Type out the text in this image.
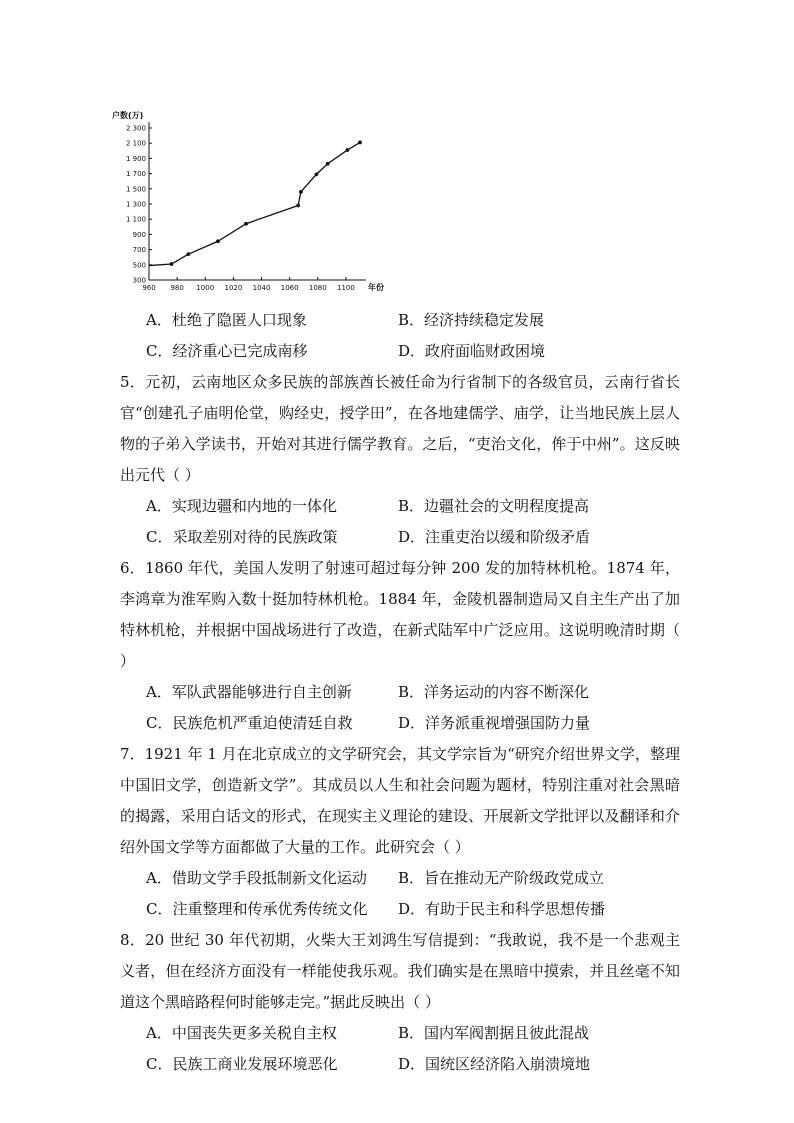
户数(万)
300
500
700
900
1 100
1 300
1 500
1 700
1 900
2 100
2 300
960 980 1000 1020 1040 1060 1080 1100 年份
A．杜绝了隐匿人口现象	B．经济持续稳定发展
C．经济重心已完成南移	D．政府面临财政困境
5．元初，云南地区众多民族的部族酋长被任命为行省制下的各级官员，云南行省长官“创建孔子庙明伦堂，购经史，授学田”，在各地建儒学、庙学，让当地民族上层人物的子弟入学读书，开始对其进行儒学教育。之后，“吏治文化，侔于中州”。这反映出元代（ ）
A．实现边疆和内地的一体化	B．边疆社会的文明程度提高
C．采取差别对待的民族政策	D．注重吏治以缓和阶级矛盾
6．1860 年代，美国人发明了射速可超过每分钟 200 发的加特林机枪。1874 年，李鸿章为淮军购入数十挺加特林机枪。1884 年，金陵机器制造局又自主生产出了加特林机枪，并根据中国战场进行了改造，在新式陆军中广泛应用。这说明晚清时期（ ）
A．军队武器能够进行自主创新	B．洋务运动的内容不断深化
C．民族危机严重迫使清廷自救	D．洋务派重视增强国防力量
7．1921 年 1 月在北京成立的文学研究会，其文学宗旨为“研究介绍世界文学，整理中国旧文学，创造新文学”。其成员以人生和社会问题为题材，特别注重对社会黑暗的揭露，采用白话文的形式，在现实主义理论的建设、开展新文学批评以及翻译和介绍外国文学等方面都做了大量的工作。此研究会（ ）
A．借助文学手段抵制新文化运动	B．旨在推动无产阶级政党成立
C．注重整理和传承优秀传统文化	D．有助于民主和科学思想传播
8．20 世纪 30 年代初期，火柴大王刘鸿生写信提到：“我敢说，我不是一个悲观主义者，但在经济方面没有一样能使我乐观。我们确实是在黑暗中摸索，并且丝毫不知道这个黑暗路程何时能够走完。”据此反映出（ ）
A．中国丧失更多关税自主权	B．国内军阀割据且彼此混战
C．民族工商业发展环境恶化	D．国统区经济陷入崩溃境地
